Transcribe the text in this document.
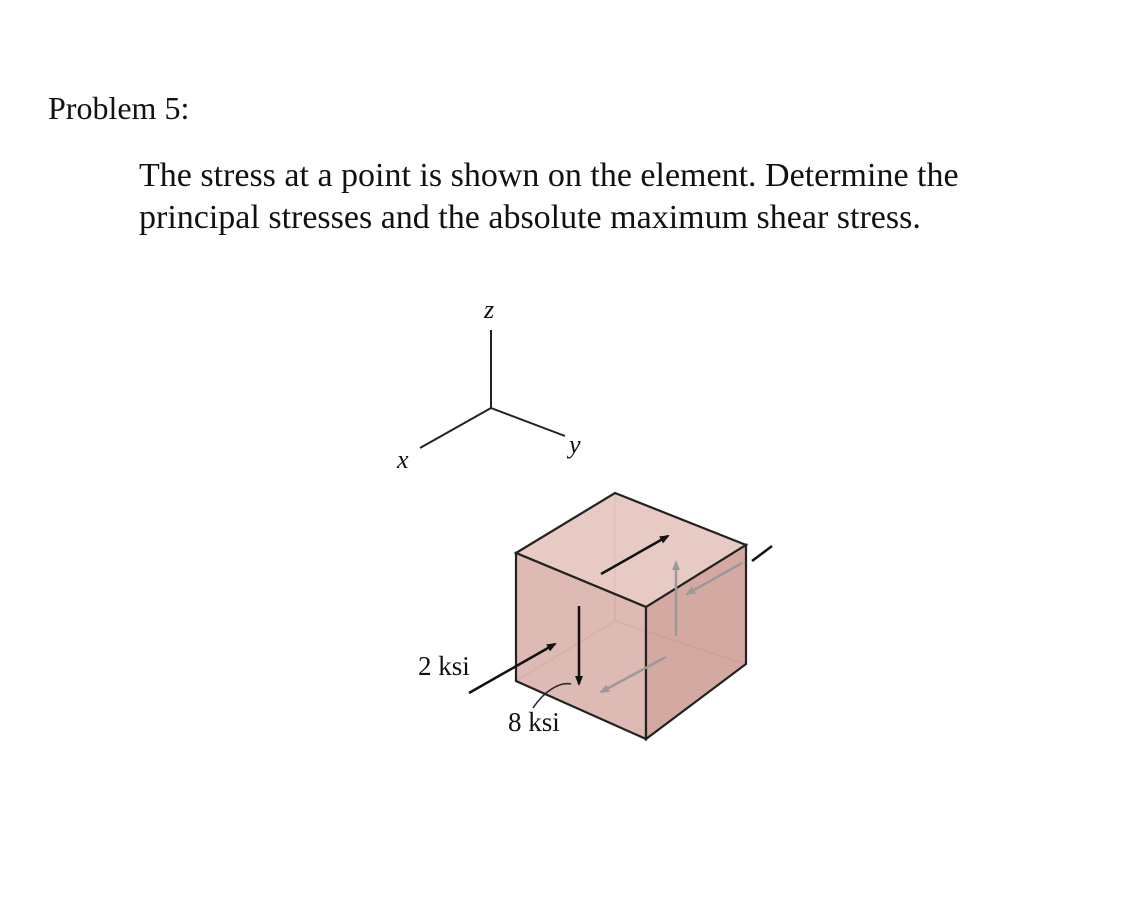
Problem 5:
The stress at a point is shown on the element. Determine the
principal stresses and the absolute maximum shear stress.
z
x
y
2 ksi
8 ksi
